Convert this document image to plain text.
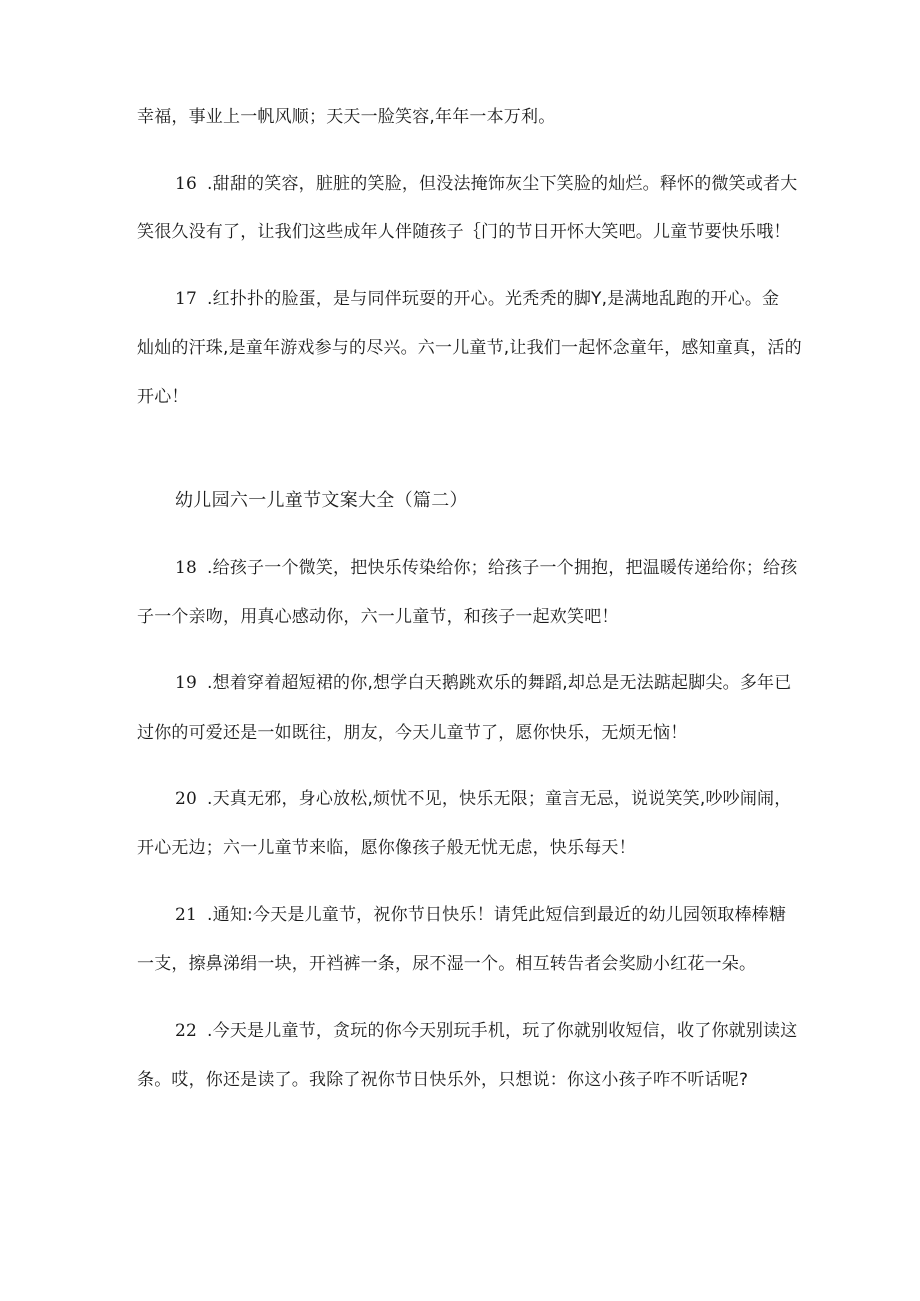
幸福，事业上一帆风顺；天天一脸笑容,年年一本万利。
16 .甜甜的笑容，脏脏的笑脸，但没法掩饰灰尘下笑脸的灿烂。释怀的微笑或者大
笑很久没有了，让我们这些成年人伴随孩子｛门的节日开怀大笑吧。儿童节要快乐哦！
17 .红扑扑的脸蛋，是与同伴玩耍的开心。光秃秃的脚Y,是满地乱跑的开心。金
灿灿的汗珠,是童年游戏参与的尽兴。六一儿童节,让我们一起怀念童年，感知童真，活的
开心！
幼儿园六一儿童节文案大全（篇二）
18 .给孩子一个微笑，把快乐传染给你；给孩子一个拥抱，把温暖传递给你；给孩
子一个亲吻，用真心感动你，六一儿童节，和孩子一起欢笑吧！
19 .想着穿着超短裙的你,想学白天鹅跳欢乐的舞蹈,却总是无法踮起脚尖。多年已
过你的可爱还是一如既往，朋友，今天儿童节了，愿你快乐，无烦无恼！
20 .天真无邪，身心放松,烦忧不见，快乐无限；童言无忌，说说笑笑,吵吵闹闹，
开心无边；六一儿童节来临，愿你像孩子般无忧无虑，快乐每天！
21 .通知:今天是儿童节，祝你节日快乐！请凭此短信到最近的幼儿园领取棒棒糖
一支，擦鼻涕绢一块，开裆裤一条，尿不湿一个。相互转告者会奖励小红花一朵。
22 .今天是儿童节，贪玩的你今天别玩手机，玩了你就别收短信，收了你就别读这
条。哎，你还是读了。我除了祝你节日快乐外，只想说：你这小孩子咋不听话呢?
